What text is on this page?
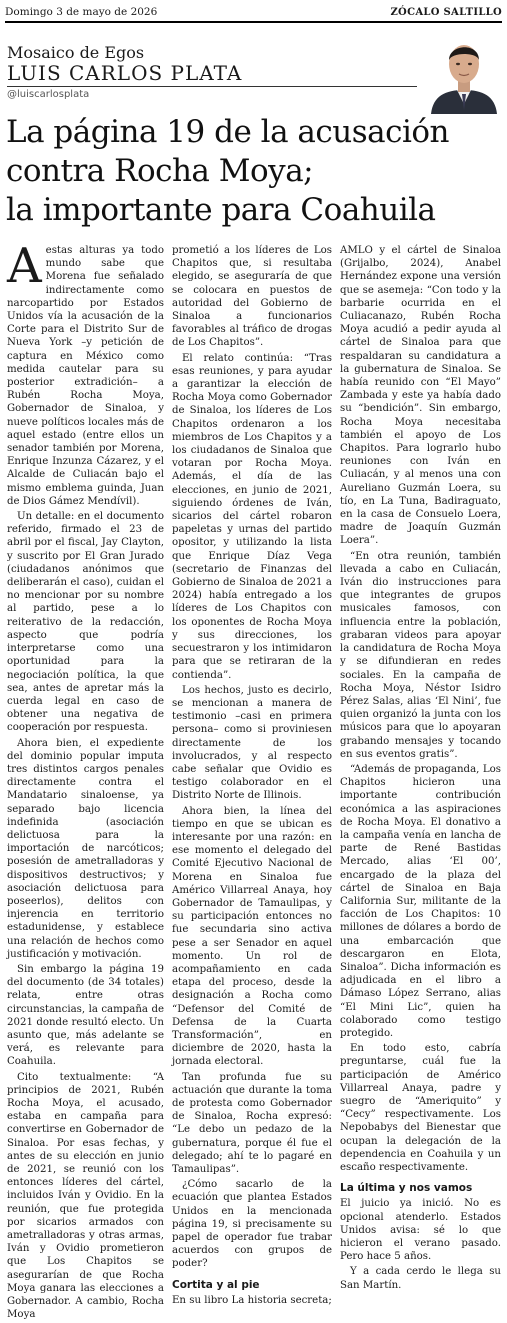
Domingo 3 de mayo de 2026	ZÓCALO SALTILLO
Mosaico de Egos
LUIS CARLOS PLATA
@luiscarlosplata
La página 19 de la acusación
contra Rocha Moya;
la importante para Coahuila

Aestas alturas ya todo mundo sabe que Morena fue señalado indirectamente como narcopartido por Estados Unidos vía la acusación de la Corte para el Distrito Sur de Nueva York –y petición de captura en México como medida cautelar para su posterior extradición– a Rubén Rocha Moya, Gobernador de Sinaloa, y nueve políticos locales más de aquel estado (entre ellos un senador también por Morena, Enrique Inzunza Cázarez, y el Alcalde de Culiacán bajo el mismo emblema guinda, Juan de Dios Gámez Mendívil).

Un detalle: en el documento referido, firmado el 23 de abril por el fiscal, Jay Clayton, y suscrito por El Gran Jurado (ciudadanos anónimos que deliberarán el caso), cuidan el no mencionar por su nombre al partido, pese a lo reiterativo de la redacción, aspecto que podría interpretarse como una oportunidad para la negociación política, la que sea, antes de apretar más la cuerda legal en caso de obtener una negativa de cooperación por respuesta.

Ahora bien, el expediente del dominio popular imputa tres distintos cargos penales directamente contra el Mandatario sinaloense, ya separado bajo licencia indefinida (asociación delictuosa para la importación de narcóticos; posesión de ametralladoras y dispositivos destructivos; y asociación delictuosa para poseerlos), delitos con injerencia en territorio estadunidense, y establece una relación de hechos como justificación y motivación.

Sin embargo la página 19 del documento (de 34 totales) relata, entre otras circunstancias, la campaña de 2021 donde resultó electo. Un asunto que, más adelante se verá, es relevante para Coahuila.

Cito textualmente: “A principios de 2021, Rubén Rocha Moya, el acusado, estaba en campaña para convertirse en Gobernador de Sinaloa. Por esas fechas, y antes de su elección en junio de 2021, se reunió con los entonces líderes del cártel, incluidos Iván y Ovidio. En la reunión, que fue protegida por sicarios armados con ametralladoras y otras armas, Iván y Ovidio prometieron que Los Chapitos se asegurarían de que Rocha Moya ganara las elecciones a Gobernador. A cambio, Rocha Moya

prometió a los líderes de Los Chapitos que, si resultaba elegido, se aseguraría de que se colocara en puestos de autoridad del Gobierno de Sinaloa a funcionarios favorables al tráfico de drogas de Los Chapitos”.

El relato continúa: “Tras esas reuniones, y para ayudar a garantizar la elección de Rocha Moya como Gobernador de Sinaloa, los líderes de Los Chapitos ordenaron a los miembros de Los Chapitos y a los ciudadanos de Sinaloa que votaran por Rocha Moya. Además, el día de las elecciones, en junio de 2021, siguiendo órdenes de Iván, sicarios del cártel robaron papeletas y urnas del partido opositor, y utilizando la lista que Enrique Díaz Vega (secretario de Finanzas del Gobierno de Sinaloa de 2021 a 2024) había entregado a los líderes de Los Chapitos con los oponentes de Rocha Moya y sus direcciones, los secuestraron y los intimidaron para que se retiraran de la contienda”.

Los hechos, justo es decirlo, se mencionan a manera de testimonio –casi en primera persona– como si proviniesen directamente de los involucrados, y al respecto cabe señalar que Ovidio es testigo colaborador en el Distrito Norte de Illinois.

Ahora bien, la línea del tiempo en que se ubican es interesante por una razón: en ese momento el delegado del Comité Ejecutivo Nacional de Morena en Sinaloa fue Américo Villarreal Anaya, hoy Gobernador de Tamaulipas, y su participación entonces no fue secundaria sino activa pese a ser Senador en aquel momento. Un rol de acompañamiento en cada etapa del proceso, desde la designación a Rocha como “Defensor del Comité de Defensa de la Cuarta Transformación”, en diciembre de 2020, hasta la jornada electoral.

Tan profunda fue su actuación que durante la toma de protesta como Gobernador de Sinaloa, Rocha expresó: “Le debo un pedazo de la gubernatura, porque él fue el delegado; ahí te lo pagaré en Tamaulipas”.

¿Cómo sacarlo de la ecuación que plantea Estados Unidos en la mencionada página 19, si precisamente su papel de operador fue trabar acuerdos con grupos de poder?

Cortita y al pie

En su libro La historia secreta;

AMLO y el cártel de Sinaloa (Grijalbo, 2024), Anabel Hernández expone una versión que se asemeja: “Con todo y la barbarie ocurrida en el Culiacanazo, Rubén Rocha Moya acudió a pedir ayuda al cártel de Sinaloa para que respaldaran su candidatura a la gubernatura de Sinaloa. Se había reunido con “El Mayo” Zambada y este ya había dado su “bendición”. Sin embargo, Rocha Moya necesitaba también el apoyo de Los Chapitos. Para lograrlo hubo reuniones con Iván en Culiacán, y al menos una con Aureliano Guzmán Loera, su tío, en La Tuna, Badiraguato, en la casa de Consuelo Loera, madre de Joaquín Guzmán Loera”.

“En otra reunión, también llevada a cabo en Culiacán, Iván dio instrucciones para que integrantes de grupos musicales famosos, con influencia entre la población, grabaran videos para apoyar la candidatura de Rocha Moya y se difundieran en redes sociales. En la campaña de Rocha Moya, Néstor Isidro Pérez Salas, alias ‘El Nini’, fue quien organizó la junta con los músicos para que lo apoyaran grabando mensajes y tocando en sus eventos gratis”.

“Además de propaganda, Los Chapitos hicieron una importante contribución económica a las aspiraciones de Rocha Moya. El donativo a la campaña venía en lancha de parte de René Bastidas Mercado, alias ‘El 00’, encargado de la plaza del cártel de Sinaloa en Baja California Sur, militante de la facción de Los Chapitos: 10 millones de dólares a bordo de una embarcación que descargaron en Elota, Sinaloa”. Dicha información es adjudicada en el libro a Dámaso López Serrano, alias “El Mini Lic”, quien ha colaborado como testigo protegido.

En todo esto, cabría preguntarse, cuál fue la participación de Américo Villarreal Anaya, padre y suegro de “Ameriquito” y “Cecy” respectivamente. Los Nepobabys del Bienestar que ocupan la delegación de la dependencia en Coahuila y un escaño respectivamente.

La última y nos vamos

El juicio ya inició. No es opcional atenderlo. Estados Unidos avisa: sé lo que hicieron el verano pasado. Pero hace 5 años.

Y a cada cerdo le llega su San Martín.
